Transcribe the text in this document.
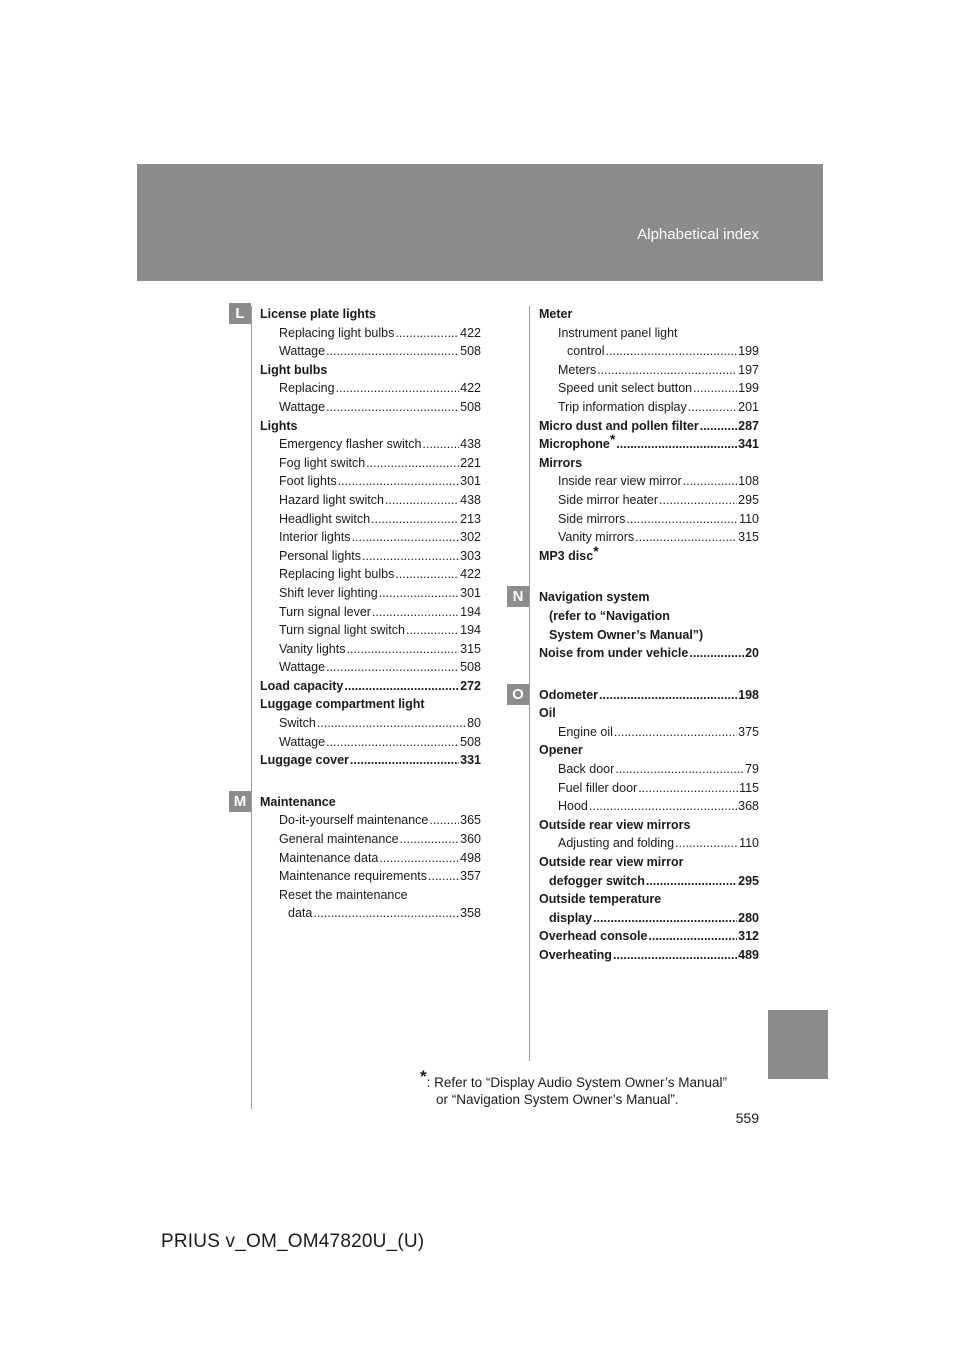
Alphabetical index
L	License plate lights
Replacing light bulbs .....	422
Wattage .....	508
Light bulbs
Replacing .....	422
Wattage .....	508
Lights
Emergency flasher switch .....	438
Fog light switch .....	221
Foot lights .....	301
Hazard light switch .....	438
Headlight switch .....	213
Interior lights .....	302
Personal lights .....	303
Replacing light bulbs .....	422
Shift lever lighting .....	301
Turn signal lever .....	194
Turn signal light switch .....	194
Vanity lights .....	315
Wattage .....	508
Load capacity .....	272
Luggage compartment light
Switch .....	80
Wattage .....	508
Luggage cover .....	331
M	Maintenance
Do-it-yourself maintenance .....	365
General maintenance .....	360
Maintenance data .....	498
Maintenance requirements .....	357
Reset the maintenance
data .....	358
Meter
Instrument panel light
control .....	199
Meters .....	197
Speed unit select button .....	199
Trip information display .....	201
Micro dust and pollen filter .....	287
Microphone* .....	341
Mirrors
Inside rear view mirror .....	108
Side mirror heater .....	295
Side mirrors .....	110
Vanity mirrors .....	315
MP3 disc*
N	Navigation system
(refer to “Navigation
System Owner’s Manual”)
Noise from under vehicle .....	20
O	Odometer .....	198
Oil
Engine oil .....	375
Opener
Back door .....	79
Fuel filler door .....	115
Hood .....	368
Outside rear view mirrors
Adjusting and folding .....	110
Outside rear view mirror
defogger switch .....	295
Outside temperature
display .....	280
Overhead console .....	312
Overheating .....	489
*: Refer to “Display Audio System Owner’s Manual”
or “Navigation System Owner’s Manual”.
559
PRIUS v_OM_OM47820U_(U)
